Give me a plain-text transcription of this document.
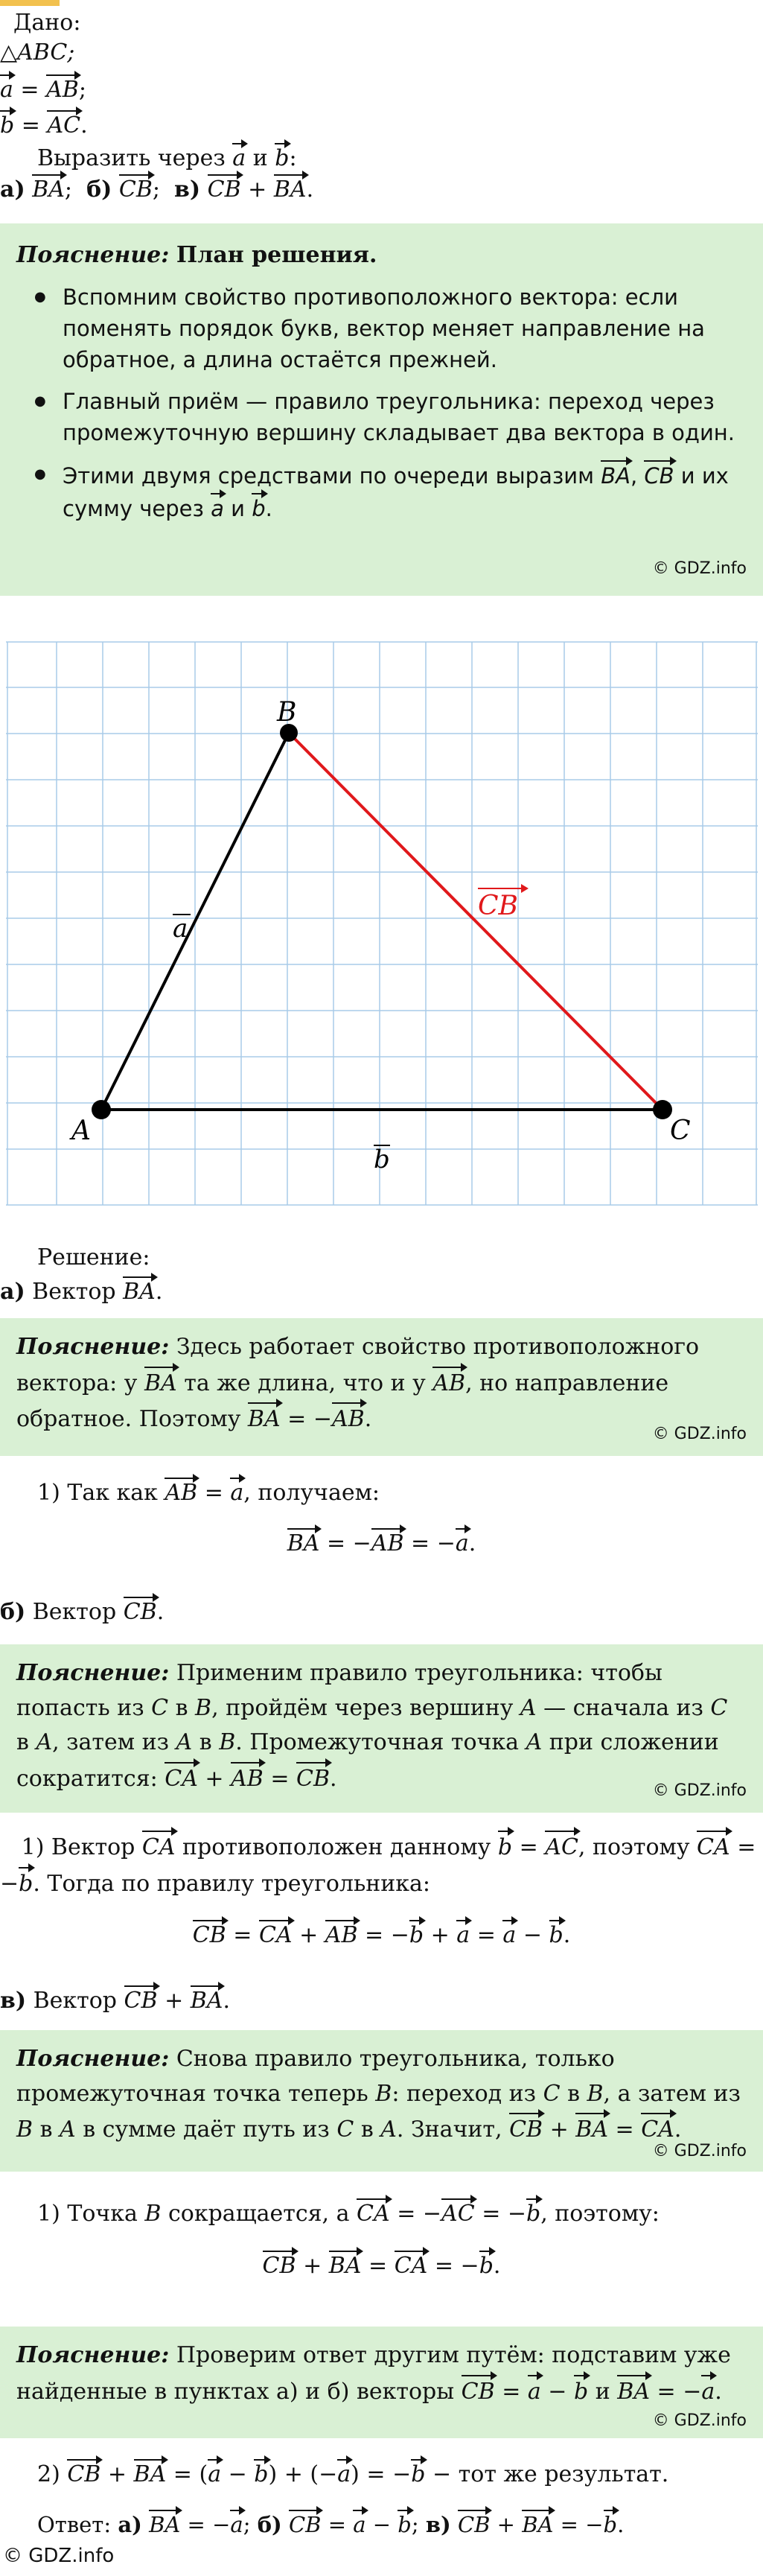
Дано:
△ABC;
a = AB;
b = AC.
Выразить через a и b:
а) BA;  б) CB;  в) CB + BA.
Пояснение: План решения.
● Вспомним свойство противоположного вектора: если поменять порядок букв, вектор меняет направление на обратное, а длина остаётся прежней.
● Главный приём — правило треугольника: переход через промежуточную вершину складывает два вектора в один.
● Этими двумя средствами по очереди выразим BA, CB и их сумму через a и b.
© GDZ.info
A
B
C
a
b
CB
Решение:
а) Вектор BA.
Пояснение: Здесь работает свойство противоположного вектора: у BA та же длина, что и у AB, но направление обратное. Поэтому BA = −AB.
© GDZ.info
1) Так как AB = a, получаем:
BA = −AB = −a.
б) Вектор CB.
Пояснение: Применим правило треугольника: чтобы попасть из C в B, пройдём через вершину A — сначала из C в A, затем из A в B. Промежуточная точка A при сложении сократится: CA + AB = CB.	© GDZ.info
1) Вектор CA противоположен данному b = AC, поэтому CA = −b. Тогда по правилу треугольника:
CB = CA + AB = −b + a = a − b.
в) Вектор CB + BA.
Пояснение: Снова правило треугольника, только промежуточная точка теперь B: переход из C в B, а затем из B в A в сумме даёт путь из C в A. Значит, CB + BA = CA.
© GDZ.info
1) Точка B сокращается, а CA = −AC = −b, поэтому:
CB + BA = CA = −b.
Пояснение: Проверим ответ другим путём: подставим уже найденные в пунктах а) и б) векторы CB = a − b и BA = −a.
© GDZ.info
2) CB + BA = (a − b) + (−a) = −b − тот же результат.
Ответ: а) BA = −a; б) CB = a − b; в) CB + BA = −b.
© GDZ.info
